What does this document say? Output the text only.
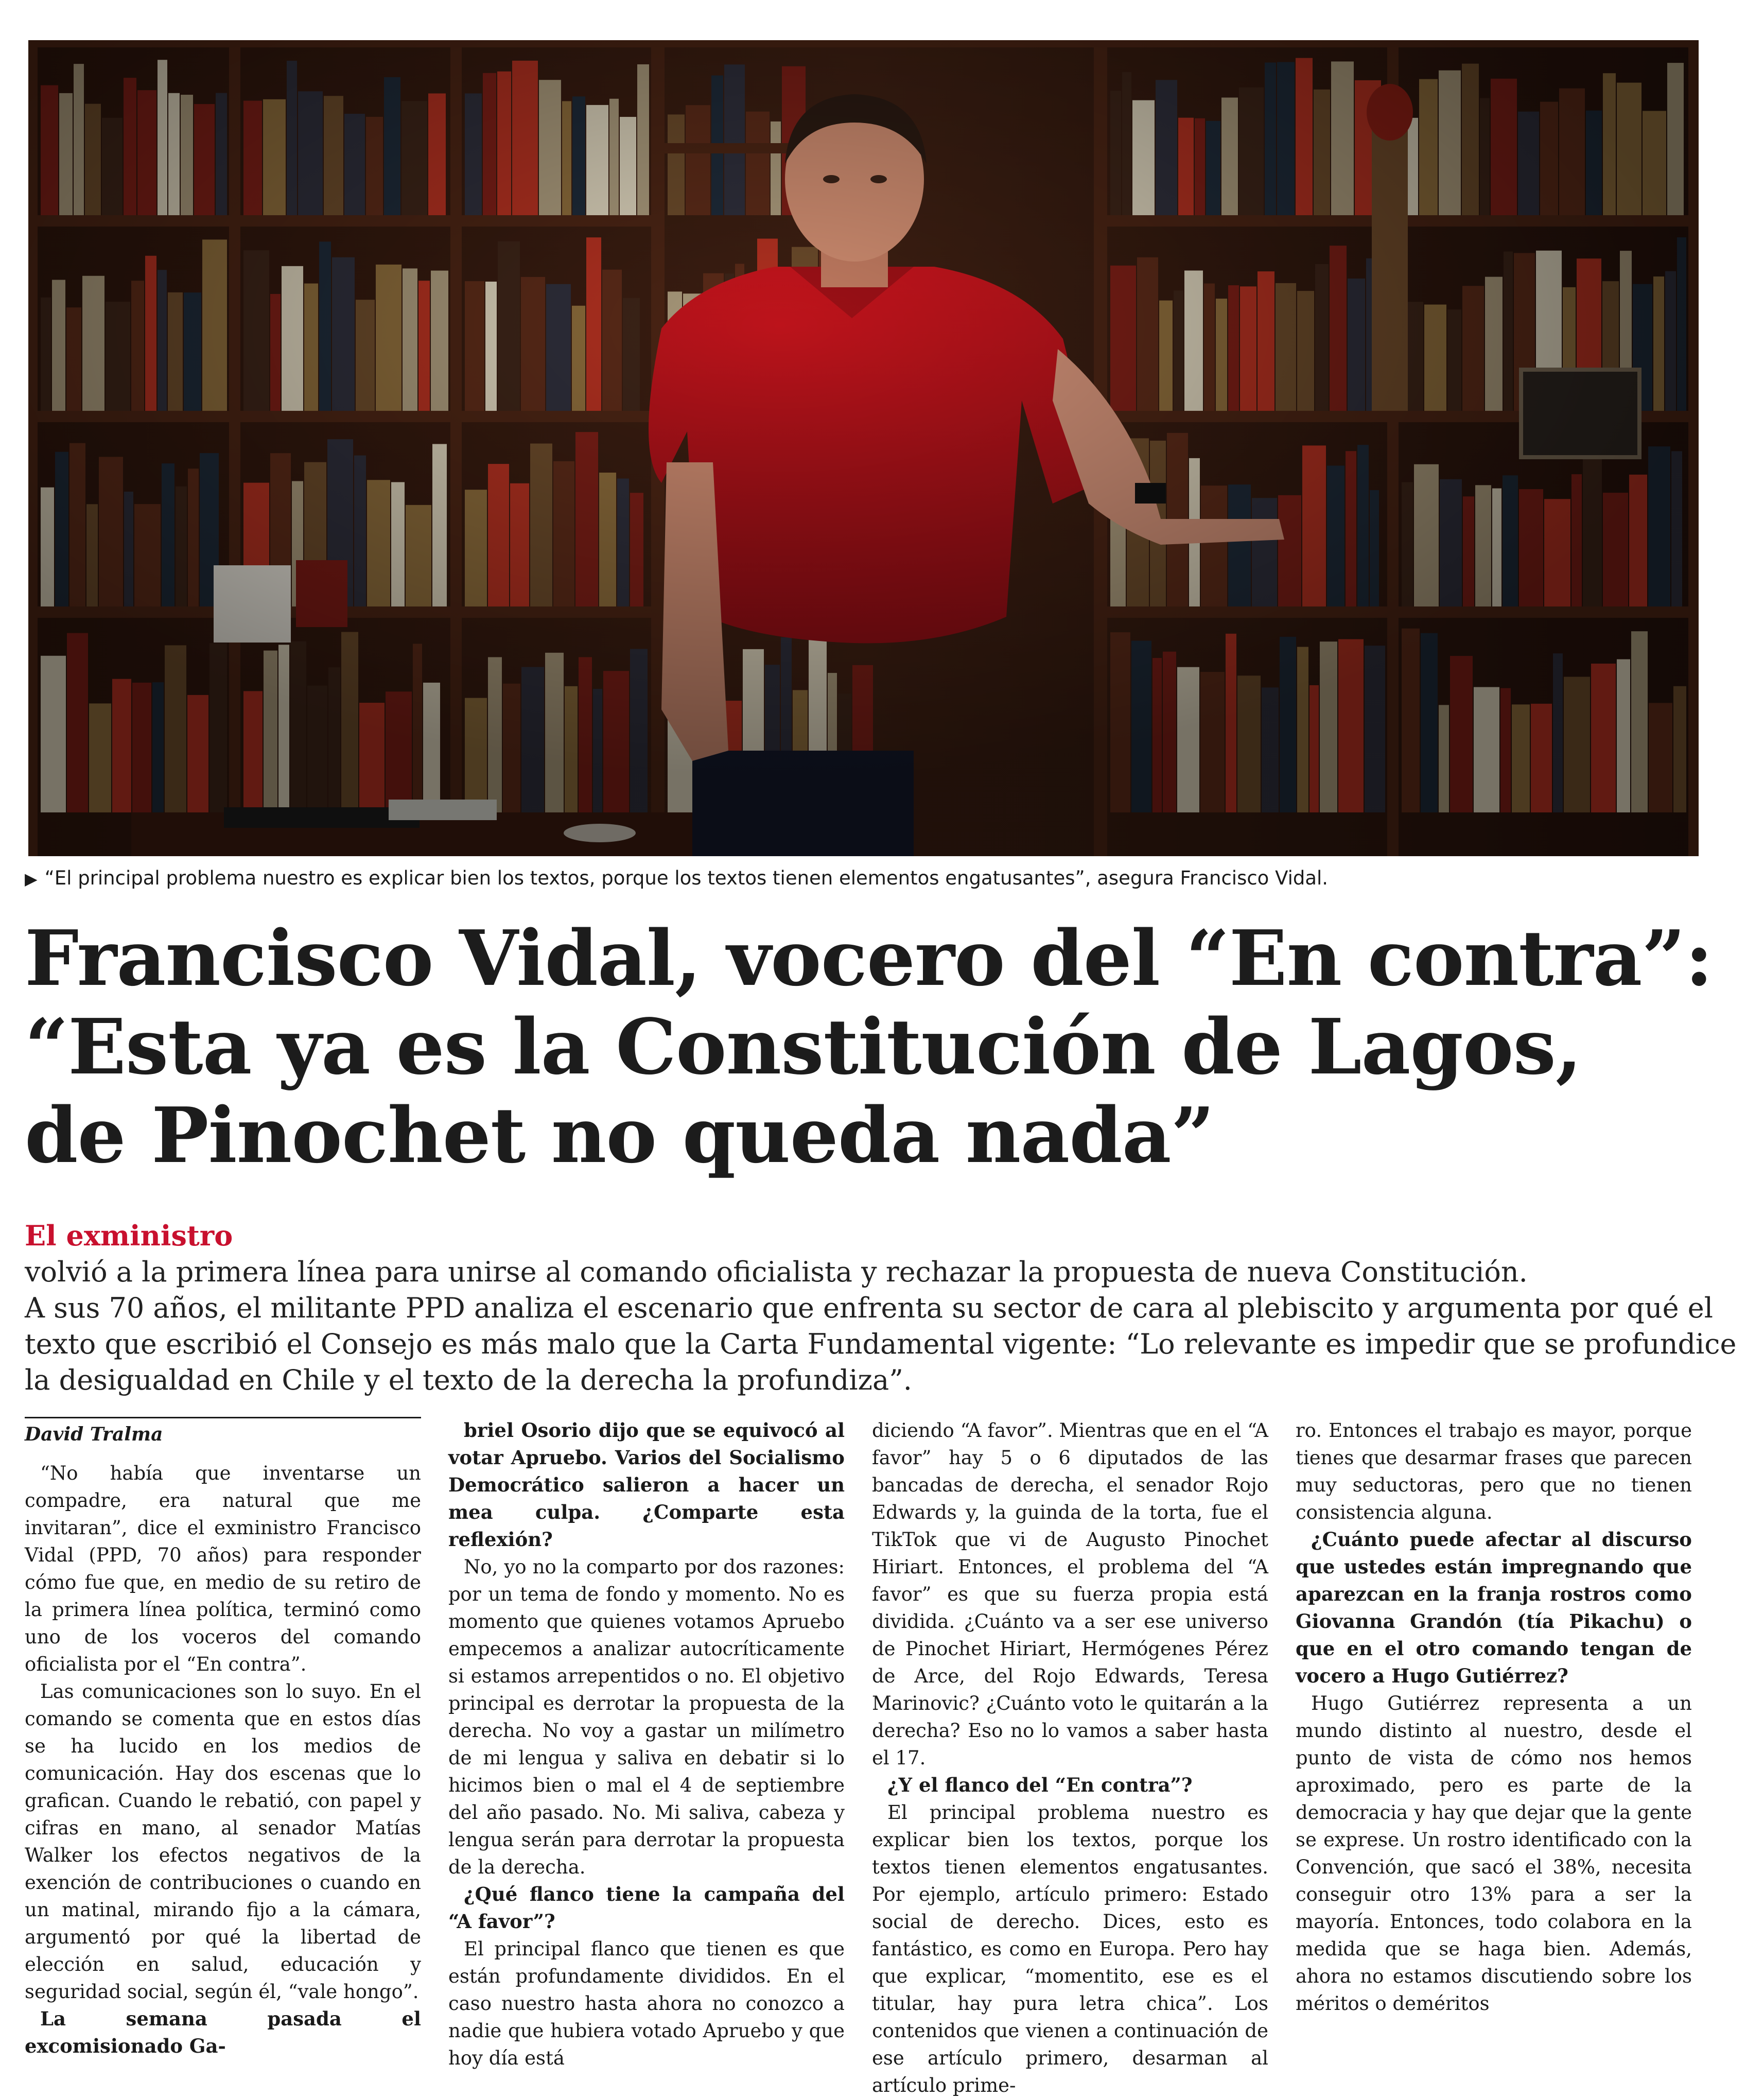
▶ “El principal problema nuestro es explicar bien los textos, porque los textos tienen elementos engatusantes”, asegura Francisco Vidal.
Francisco Vidal, vocero del “En contra”:
“Esta ya es la Constitución de Lagos,
de Pinochet no queda nada”
El exministro
volvió a la primera línea para unirse al comando oficialista y rechazar la propuesta de nueva Constitución.
A sus 70 años, el militante PPD analiza el escenario que enfrenta su sector de cara al plebiscito y argumenta por qué el
texto que escribió el Consejo es más malo que la Carta Fundamental vigente: “Lo relevante es impedir que se profundice
la desigualdad en Chile y el texto de la derecha la profundiza”.
David Tralma

“No había que inventarse un compadre, era natural que me invitaran”, dice el exministro Francisco Vidal (PPD, 70 años) para responder cómo fue que, en medio de su retiro de la primera línea política, terminó como uno de los voceros del comando oficialista por el “En contra”.

Las comunicaciones son lo suyo. En el comando se comenta que en estos días se ha lucido en los medios de comunicación. Hay dos escenas que lo grafican. Cuando le rebatió, con papel y cifras en mano, al senador Matías Walker los efectos negativos de la exención de contribuciones o cuando en un matinal, mirando fijo a la cámara, argumentó por qué la libertad de elección en salud, educación y seguridad social, según él, “vale hongo”.

La semana pasada el excomisionado Ga-

briel Osorio dijo que se equivocó al votar Apruebo. Varios del Socialismo Democrático salieron a hacer un mea culpa. ¿Comparte esta reflexión?

No, yo no la comparto por dos razones: por un tema de fondo y momento. No es momento que quienes votamos Apruebo empecemos a analizar autocríticamente si estamos arrepentidos o no. El objetivo principal es derrotar la propuesta de la derecha. No voy a gastar un milímetro de mi lengua y saliva en debatir si lo hicimos bien o mal el 4 de septiembre del año pasado. No. Mi saliva, cabeza y lengua serán para derrotar la propuesta de la derecha.

¿Qué flanco tiene la campaña del “A favor”?

El principal flanco que tienen es que están profundamente divididos. En el caso nuestro hasta ahora no conozco a nadie que hubiera votado Apruebo y que hoy día está

diciendo “A favor”. Mientras que en el “A favor” hay 5 o 6 diputados de las bancadas de derecha, el senador Rojo Edwards y, la guinda de la torta, fue el TikTok que vi de Augusto Pinochet Hiriart. Entonces, el problema del “A favor” es que su fuerza propia está dividida. ¿Cuánto va a ser ese universo de Pinochet Hiriart, Hermógenes Pérez de Arce, del Rojo Edwards, Teresa Marinovic? ¿Cuánto voto le quitarán a la derecha? Eso no lo vamos a saber hasta el 17.

¿Y el flanco del “En contra”?

El principal problema nuestro es explicar bien los textos, porque los textos tienen elementos engatusantes. Por ejemplo, artículo primero: Estado social de derecho. Dices, esto es fantástico, es como en Europa. Pero hay que explicar, “momentito, ese es el titular, hay pura letra chica”. Los contenidos que vienen a continuación de ese artículo primero, desarman al artículo prime-

ro. Entonces el trabajo es mayor, porque tienes que desarmar frases que parecen muy seductoras, pero que no tienen consistencia alguna.

¿Cuánto puede afectar al discurso que ustedes están impregnando que aparezcan en la franja rostros como Giovanna Grandón (tía Pikachu) o que en el otro comando tengan de vocero a Hugo Gutiérrez?

Hugo Gutiérrez representa a un mundo distinto al nuestro, desde el punto de vista de cómo nos hemos aproximado, pero es parte de la democracia y hay que dejar que la gente se exprese. Un rostro identificado con la Convención, que sacó el 38%, necesita conseguir otro 13% para a ser la mayoría. Entonces, todo colabora en la medida que se haga bien. Además, ahora no estamos discutiendo sobre los méritos o deméritos
